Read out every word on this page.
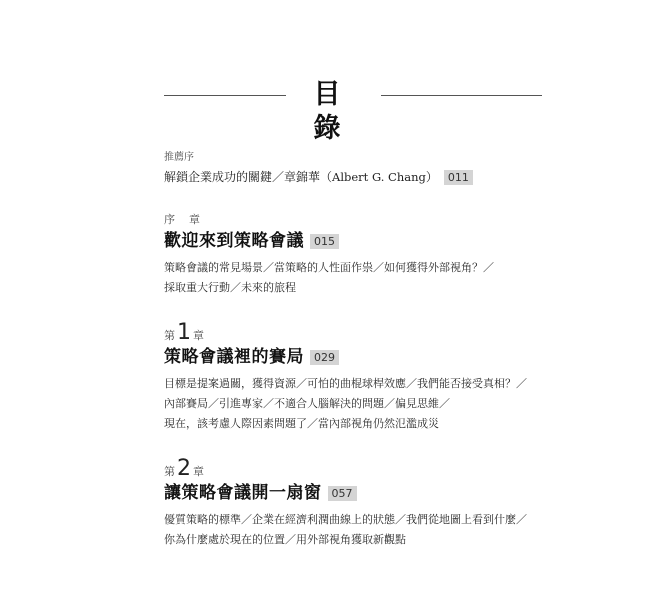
目 錄
推薦序
解鎖企業成功的關鍵／章錦華（ Albert G. Chang ） 011
序 章
歡迎來到策略會議 015

策略會議的常見場景／當策略的人性面作祟／如何獲得外部視角？／

採取重大行動／未來的旅程

第 1 章
策略會議裡的賽局 029

目標是提案過關，獲得資源／可怕的曲棍球桿效應／我們能否接受真相？／

內部賽局／引進專家／不適合人腦解決的問題／偏見思維／

現在，該考慮人際因素問題了／當內部視角仍然氾濫成災

第 2 章
讓策略會議開一扇窗 057

優質策略的標準／企業在經濟利潤曲線上的狀態／我們從地圖上看到什麼／

你為什麼處於現在的位置／用外部視角獲取新觀點
